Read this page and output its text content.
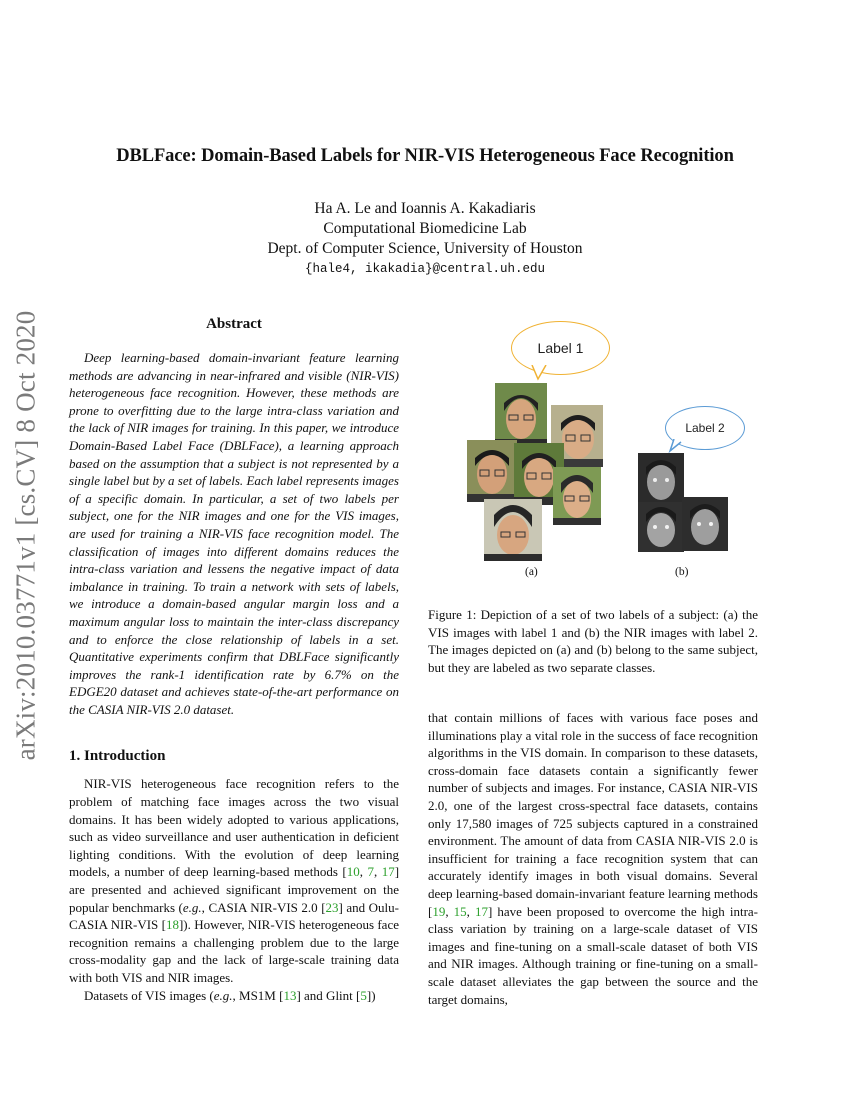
arXiv:2010.03771v1 [cs.CV] 8 Oct 2020
DBLFace: Domain-Based Labels for NIR-VIS Heterogeneous Face Recognition
Ha A. Le and Ioannis A. Kakadiaris
Computational Biomedicine Lab
Dept. of Computer Science, University of Houston
{hale4, ikakadia}@central.uh.edu
Abstract

Deep learning-based domain-invariant feature learning methods are advancing in near-infrared and visible (NIR-VIS) heterogeneous face recognition. However, these methods are prone to overfitting due to the large intra-class variation and the lack of NIR images for training. In this paper, we introduce Domain-Based Label Face (DBLFace), a learning approach based on the assumption that a subject is not represented by a single label but by a set of labels. Each label represents images of a specific domain. In particular, a set of two labels per subject, one for the NIR images and one for the VIS images, are used for training a NIR-VIS face recognition model. The classification of images into different domains reduces the intra-class variation and lessens the negative impact of data imbalance in training. To train a network with sets of labels, we introduce a domain-based angular margin loss and a maximum angular loss to maintain the inter-class discrepancy and to enforce the close relationship of labels in a set. Quantitative experiments confirm that DBLFace significantly improves the rank-1 identification rate by 6.7% on the EDGE20 dataset and achieves state-of-the-art performance on the CASIA NIR-VIS 2.0 dataset.

1. Introduction

NIR-VIS heterogeneous face recognition refers to the problem of matching face images across the two visual domains. It has been widely adopted to various applications, such as video surveillance and user authentication in deficient lighting conditions. With the evolution of deep learning models, a number of deep learning-based methods [10, 7, 17] are presented and achieved significant improvement on the popular benchmarks (e.g., CASIA NIR-VIS 2.0 [23] and Oulu-CASIA NIR-VIS [18]). However, NIR-VIS heterogeneous face recognition remains a challenging problem due to the large cross-modality gap and the lack of large-scale training data with both VIS and NIR images.

Datasets of VIS images (e.g., MS1M [13] and Glint [5])

Label 1
Label 2
(a)	(b)
Figure 1: Depiction of a set of two labels of a subject: (a) the VIS images with label 1 and (b) the NIR images with label 2. The images depicted on (a) and (b) belong to the same subject, but they are labeled as two separate classes.

that contain millions of faces with various face poses and illuminations play a vital role in the success of face recognition algorithms in the VIS domain. In comparison to these datasets, cross-domain face datasets contain a significantly fewer number of subjects and images. For instance, CASIA NIR-VIS 2.0, one of the largest cross-spectral face datasets, contains only 17,580 images of 725 subjects captured in a constrained environment. The amount of data from CASIA NIR-VIS 2.0 is insufficient for training a face recognition system that can accurately identify images in both visual domains. Several deep learning-based domain-invariant feature learning methods [19, 15, 17] have been proposed to overcome the high intra-class variation by training on a large-scale dataset of VIS images and fine-tuning on a small-scale dataset of both VIS and NIR images. Although training or fine-tuning on a small-scale dataset alleviates the gap between the source and the target domains,
